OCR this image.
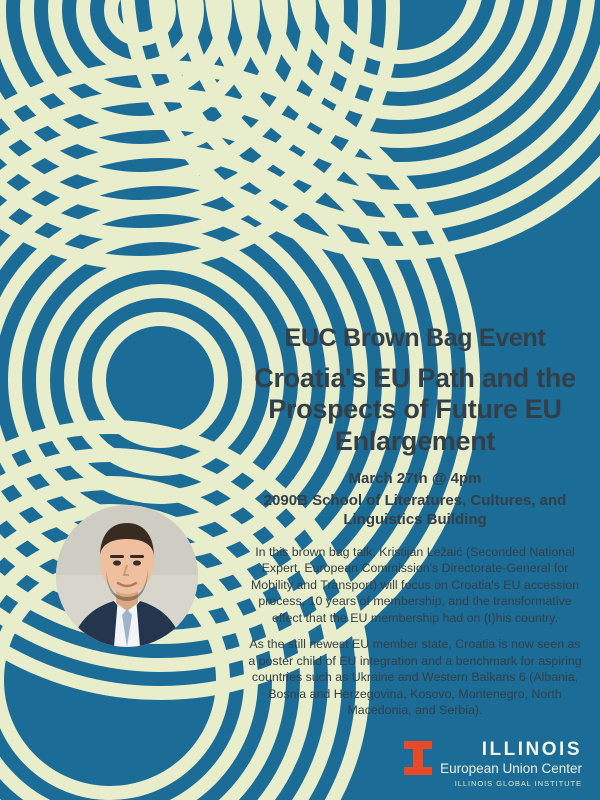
EUC Brown Bag Event
Croatia's EU Path and the Prospects of Future EU Enlargement

March 27th @ 4pm

2090B School of Literatures, Cultures, and Linguistics Building

In this brown bag talk, Kristijan Ležaić (Seconded National Expert, European Commission's Directorate-General for Mobility and Transport) will focus on Croatia's EU accession process, 10 years of membership, and the transformative effect that the EU membership had on (t)his country.

As the still newest EU member state, Croatia is now seen as a poster child of EU integration and a benchmark for aspiring countries such as Ukraine and Western Balkans 6 (Albania, Bosnia and Herzegovina, Kosovo, Montenegro, North Macedonia, and Serbia).

ILLINOIS
European Union Center
ILLINOIS GLOBAL INSTITUTE
